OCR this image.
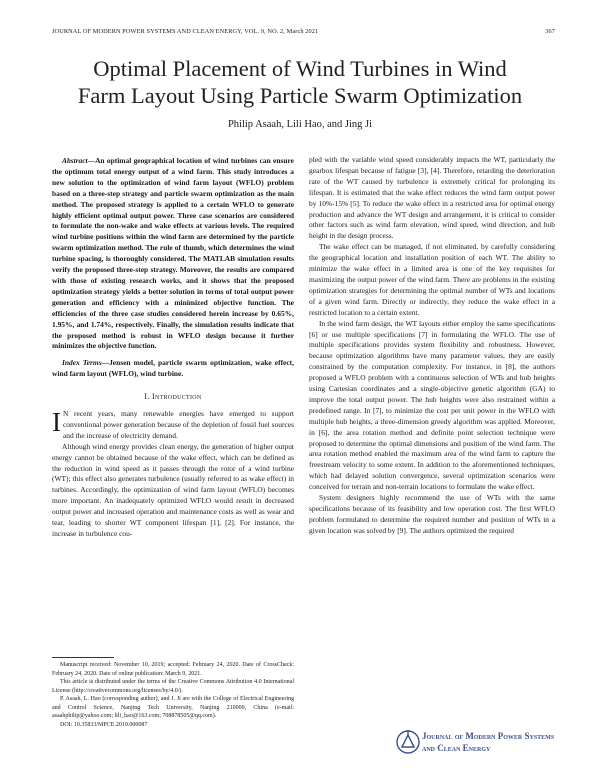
JOURNAL OF MODERN POWER SYSTEMS AND CLEAN ENERGY, VOL. 9, NO. 2, March 2021	367
Optimal Placement of Wind Turbines in Wind
Farm Layout Using Particle Swarm Optimization
Philip Asaah, Lili Hao, and Jing Ji

Abstract—An optimal geographical location of wind turbines can ensure the optimum total energy output of a wind farm. This study introduces a new solution to the optimization of wind farm layout (WFLO) problem based on a three-step strategy and particle swarm optimization as the main method. The proposed strategy is applied to a certain WFLO to generate highly efficient optimal output power. Three case scenarios are considered to formulate the non-wake and wake effects at various levels. The required wind turbine positions within the wind farm are determined by the particle swarm optimization method. The rule of thumb, which determines the wind turbine spacing, is thoroughly considered. The MATLAB simulation results verify the proposed three-step strategy. Moreover, the results are compared with those of existing research works, and it shows that the proposed optimization strategy yields a better solution in terms of total output power generation and efficiency with a minimized objective function. The efficiencies of the three case studies considered herein increase by 0.65%, 1.95%, and 1.74%, respectively. Finally, the simulation results indicate that the proposed method is robust in WFLO design because it further minimizes the objective function.

Index Terms—Jensen model, particle swarm optimization, wake effect, wind farm layout (WFLO), wind turbine.

I. Introduction

I N recent years, many renewable energies have emerged to support conventional power generation because of the depletion of fossil fuel sources and the increase of electricity demand.

Although wind energy provides clean energy, the generation of higher output energy cannot be obtained because of the wake effect, which can be defined as the reduction in wind speed as it passes through the rotor of a wind turbine (WT); this effect also generates turbulence (usually referred to as wake effect) in turbines. Accordingly, the optimization of wind farm layout (WFLO) becomes more important. An inadequately optimized WFLO would result in decreased output power and increased operation and maintenance costs as well as wear and tear, leading to shorter WT component lifespan [1], [2]. For instance, the increase in turbulence cou-

Manuscript received: November 10, 2019; accepted: February 24, 2020. Date of CrossCheck: February 24, 2020. Date of online publication: March 9, 2021.

This article is distributed under the terms of the Creative Commons Attribution 4.0 International License (http://creativecommons.org/licenses/by/4.0/).

P. Asaah, L. Hao (corresponding author), and J. Ji are with the College of Electrical Engineering and Control Science, Nanjing Tech University, Nanjing 210000, China (e-mail: asaahphilip@yahoo.com; lili_hao@163.com; 708878505@qq.com).

DOI: 10.35833/MPCE.2019.000087

pled with the variable wind speed considerably impacts the WT, particularly the gearbox lifespan because of fatigue [3], [4]. Therefore, retarding the deterioration rate of the WT caused by turbulence is extremely critical for prolonging its lifespan. It is estimated that the wake effect reduces the wind farm output power by 10%-15% [5]. To reduce the wake effect in a restricted area for optimal energy production and advance the WT design and arrangement, it is critical to consider other factors such as wind farm elevation, wind speed, wind direction, and hub height in the design process.

The wake effect can be managed, if not eliminated, by carefully considering the geographical location and installation position of each WT. The ability to minimize the wake effect in a limited area is one of the key requisites for maximizing the output power of the wind farm. There are problems in the existing optimization strategies for determining the optimal number of WTs and locations of a given wind farm. Directly or indirectly, they reduce the wake effect in a restricted location to a certain extent.

In the wind farm design, the WT layouts either employ the same specifications [6] or use multiple specifications [7] in formulating the WFLO. The use of multiple specifications provides system flexibility and robustness. However, because optimization algorithms have many parameter values, they are easily constrained by the computation complexity. For instance, in [8], the authors proposed a WFLO problem with a continuous selection of WTs and hub heights using Cartesian coordinates and a single-objective genetic algorithm (GA) to improve the total output power. The hub heights were also restrained within a predefined range. In [7], to minimize the cost per unit power in the WFLO with multiple hub heights, a three-dimension greedy algorithm was applied. Moreover, in [6], the area rotation method and definite point selection technique were proposed to determine the optimal dimensions and position of the wind farm. The area rotation method enabled the maximum area of the wind farm to capture the freestream velocity to some extent. In addition to the aforementioned techniques, which had delayed solution convergence, several optimization scenarios were conceived for terrain and non-terrain locations to formulate the wake effect.

System designers highly recommend the use of WTs with the same specifications because of its feasibility and low operation cost. The first WFLO problem formulated to determine the required number and position of WTs in a given location was solved by [9]. The authors optimized the required

Journal of Modern Power Systems
and Clean Energy
